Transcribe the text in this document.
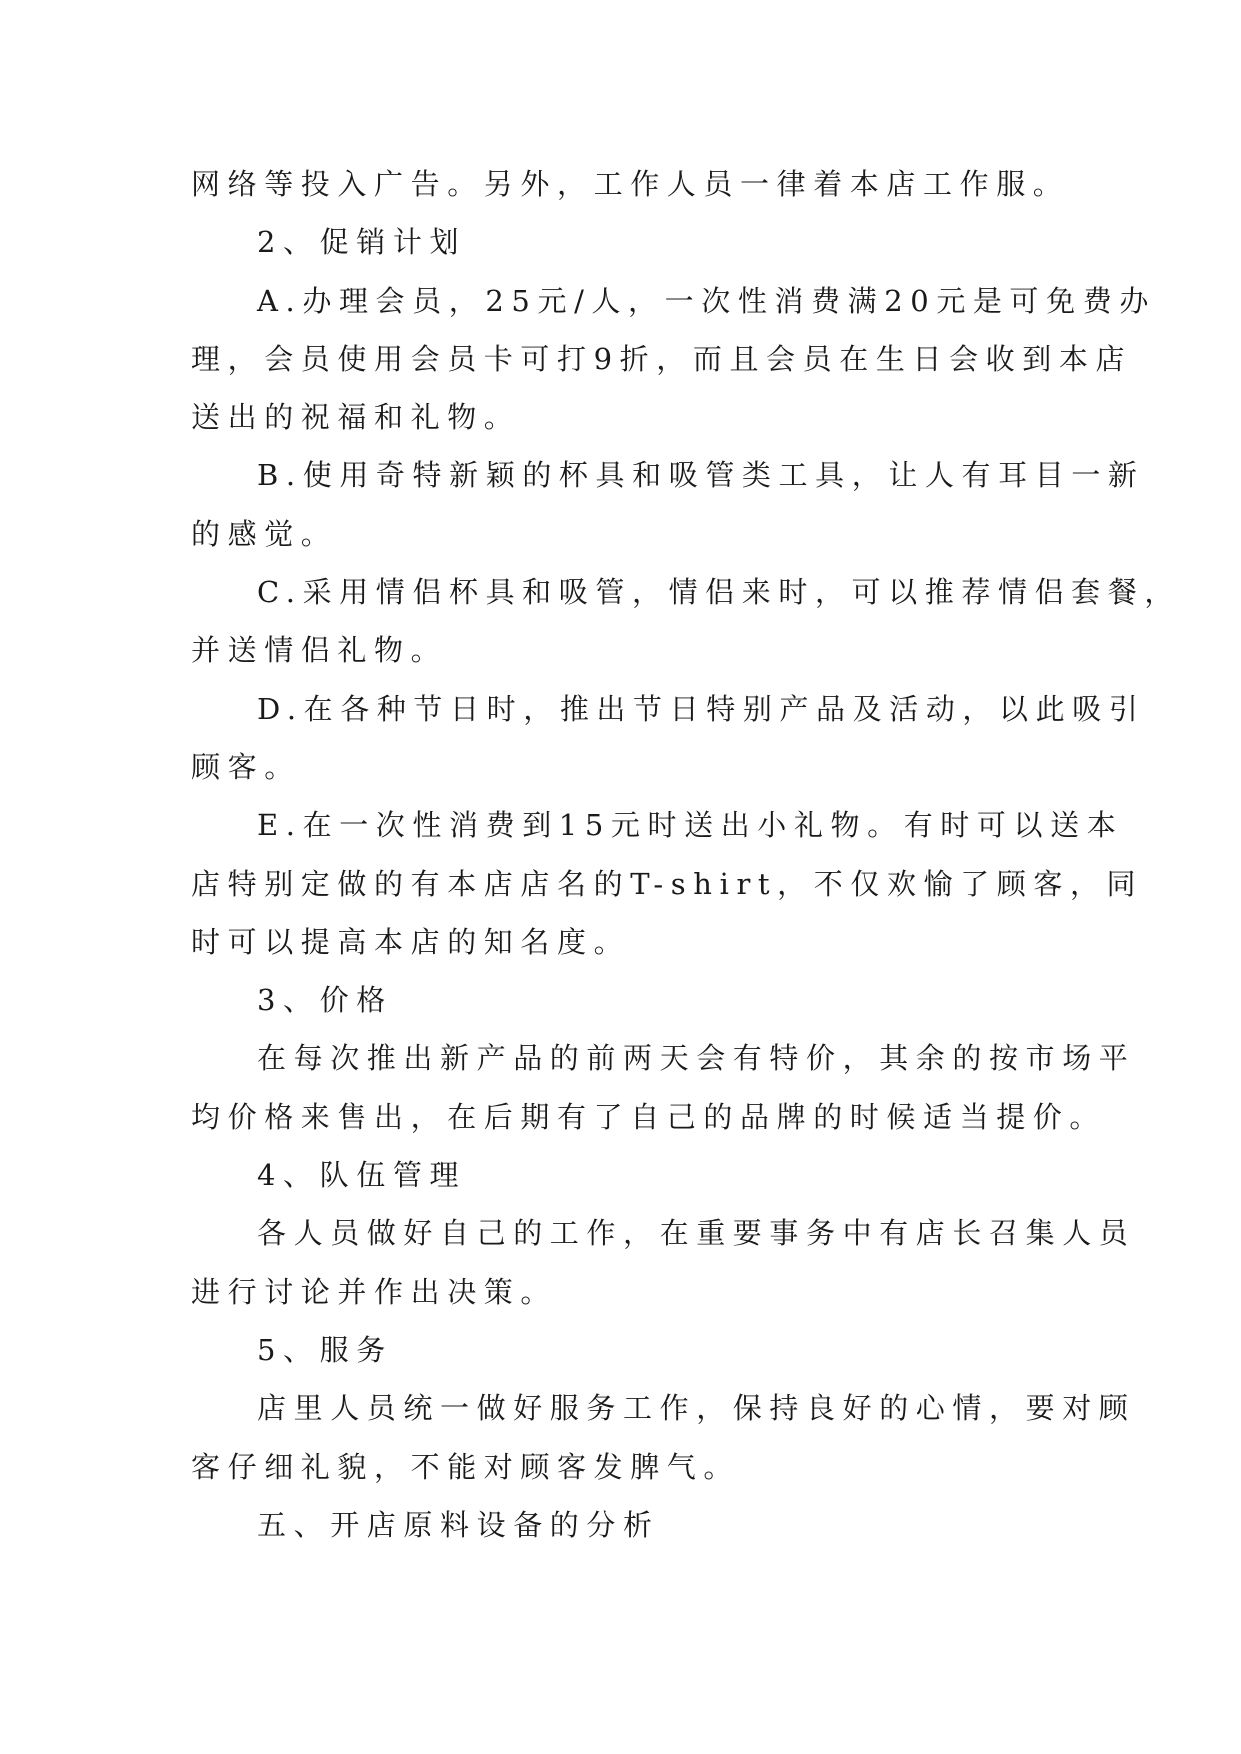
网络等投入广告。另外，工作人员一律着本店工作服。

2、促销计划

A.办理会员，25元/人，一次性消费满20元是可免费办

理，会员使用会员卡可打9折，而且会员在生日会收到本店

送出的祝福和礼物。

B.使用奇特新颖的杯具和吸管类工具，让人有耳目一新

的感觉。

C.采用情侣杯具和吸管，情侣来时，可以推荐情侣套餐，

并送情侣礼物。

D.在各种节日时，推出节日特别产品及活动，以此吸引

顾客。

E.在一次性消费到15元时送出小礼物。有时可以送本

店特别定做的有本店店名的T-shirt，不仅欢愉了顾客，同

时可以提高本店的知名度。

3、价格

在每次推出新产品的前两天会有特价，其余的按市场平

均价格来售出，在后期有了自己的品牌的时候适当提价。

4、队伍管理

各人员做好自己的工作，在重要事务中有店长召集人员

进行讨论并作出决策。

5、服务

店里人员统一做好服务工作，保持良好的心情，要对顾

客仔细礼貌，不能对顾客发脾气。

五、开店原料设备的分析
